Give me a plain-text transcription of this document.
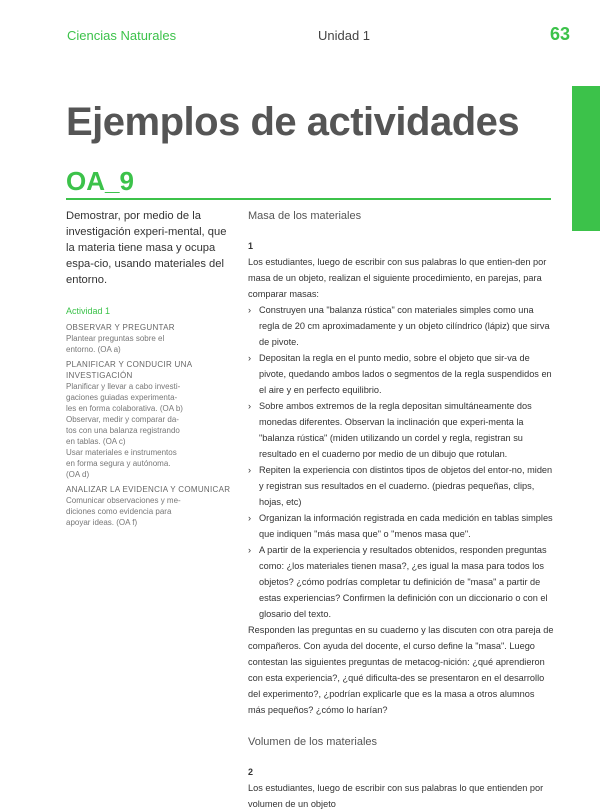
Ciencias Naturales	Unidad 1	63
Ejemplos de actividades
OA_9

Demostrar, por medio de la investigación experi-mental, que la materia tiene masa y ocupa espa-cio, usando materiales del entorno.

Actividad 1

OBSERVAR Y PREGUNTAR

Plantear preguntas sobre el
entorno. (OA a)

PLANIFICAR Y CONDUCIR UNA INVESTIGACIÓN

Planificar y llevar a cabo investi-
gaciones guiadas experimenta-
les en forma colaborativa. (OA b)
Observar, medir y comparar da-
tos con una balanza registrando
en tablas. (OA c)
Usar materiales e instrumentos
en forma segura y autónoma.
(OA d)

ANALIZAR LA EVIDENCIA Y COMUNICAR

Comunicar observaciones y me-
diciones como evidencia para
apoyar ideas. (OA f)

Masa de los materiales

1

Los estudiantes, luego de escribir con sus palabras lo que entien-den por masa de un objeto, realizan el siguiente procedimiento, en parejas, para comparar masas:

› Construyen una "balanza rústica" con materiales simples como una regla de 20 cm aproximadamente y un objeto cilíndrico (lápiz) que sirva de pivote.
› Depositan la regla en el punto medio, sobre el objeto que sir-va de pivote, quedando ambos lados o segmentos de la regla suspendidos en el aire y en perfecto equilibrio.
› Sobre ambos extremos de la regla depositan simultáneamente dos monedas diferentes. Observan la inclinación que experi-menta la "balanza rústica" (miden utilizando un cordel y regla, registran su resultado en el cuaderno por medio de un dibujo que rotulan.
› Repiten la experiencia con distintos tipos de objetos del entor-no, miden y registran sus resultados en el cuaderno. (piedras pequeñas, clips, hojas, etc)
› Organizan la información registrada en cada medición en tablas simples que indiquen "más masa que" o "menos masa que".
› A partir de la experiencia y resultados obtenidos, responden preguntas como: ¿los materiales tienen masa?, ¿es igual la masa para todos los objetos? ¿cómo podrías completar tu definición de "masa" a partir de estas experiencias? Confirmen la definición con un diccionario o con el glosario del texto.

Responden las preguntas en su cuaderno y las discuten con otra pareja de compañeros. Con ayuda del docente, el curso define la "masa". Luego contestan las siguientes preguntas de metacog-nición: ¿qué aprendieron con esta experiencia?, ¿qué dificulta-des se presentaron en el desarrollo del experimento?, ¿podrían explicarle que es la masa a otros alumnos más pequeños? ¿cómo lo harían?

Volumen de los materiales

2

Los estudiantes, luego de escribir con sus palabras lo que entienden por volumen de un objeto
